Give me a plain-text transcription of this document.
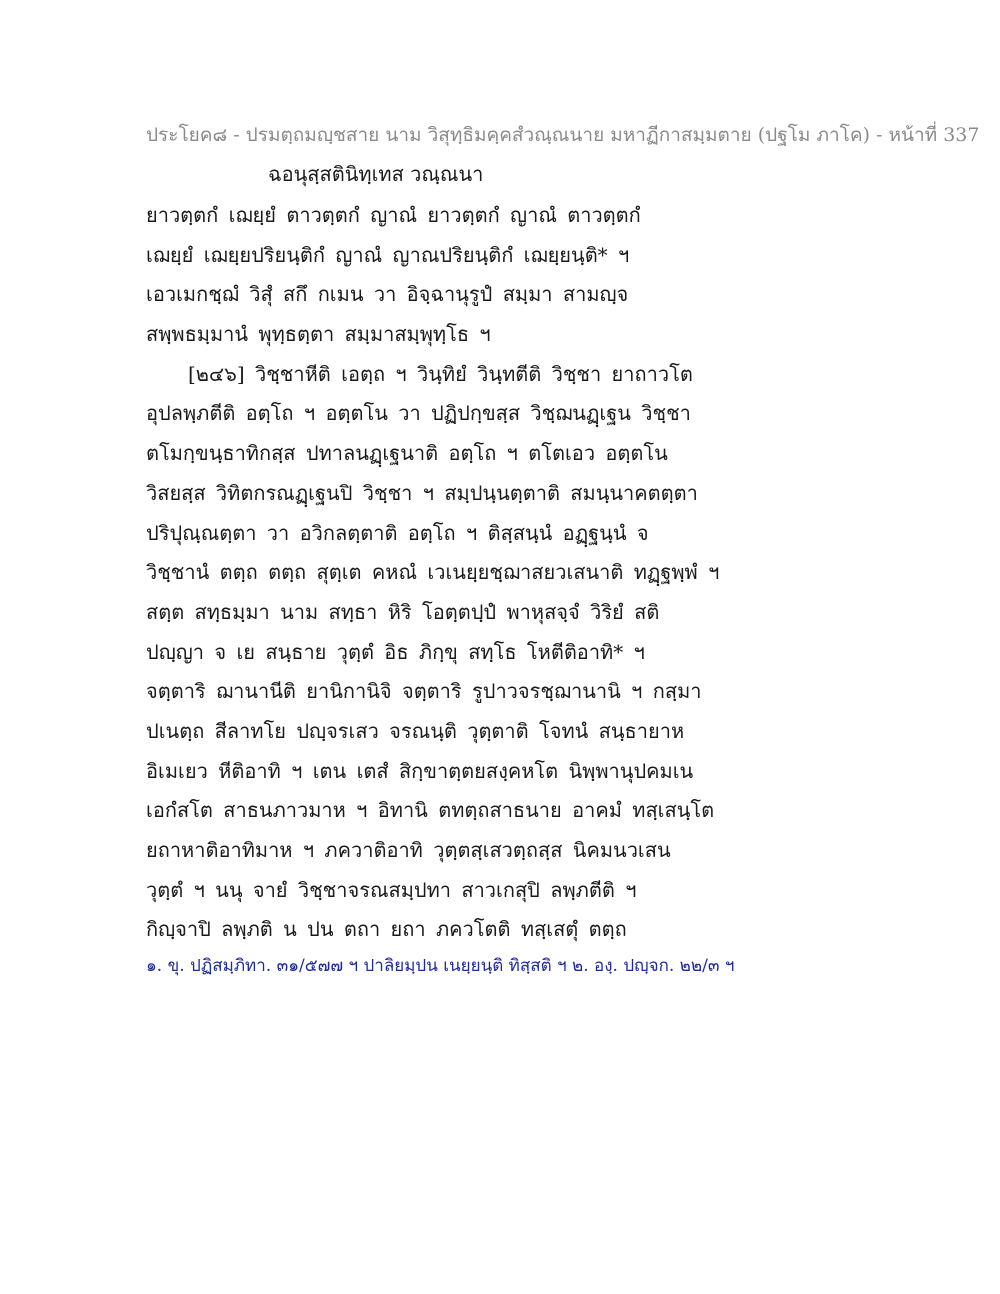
ประโยค๘ - ปรมตฺถมญฺชสาย นาม วิสุทฺธิมคฺคสํวณฺณนาย มหาฏีกาสมฺมตาย (ปฐโม ภาโค) - หน้าที่ 337
ฉอนุสฺสตินิทฺเทส วณฺณนา
ยาวตฺตกํ เฌยฺยํ ตาวตฺตกํ ญาณํ ยาวตฺตกํ ญาณํ ตาวตฺตกํ
เฌยฺยํ เฌยฺยปริยนฺติกํ ญาณํ ญาณปริยนฺติกํ เฌยฺยนฺติ* ฯ
เอวเมกชฺฌํ วิสุํ สกึ กเมน วา อิจฺฉานุรูปํ สมฺมา สามญฺจ
สพฺพธมฺมานํ พุทฺธตฺตา สมฺมาสมฺพุทฺโธ ฯ
[๒๔๖] วิชฺชาหีติ เอตฺถ ฯ วินฺทิยํ วินฺทตีติ วิชฺชา ยาถาวโต
อุปลพฺภตีติ อตฺโถ ฯ อตฺตโน วา ปฏิปกฺขสฺส วิชฺฌนฏฺเฐน วิชฺชา
ตโมกฺขนฺธาทิกสฺส ปทาลนฏฺเฐนาติ อตฺโถ ฯ ตโตเอว อตฺตโน
วิสยสฺส วิทิตกรณฏฺเฐนปิ วิชฺชา ฯ สมฺปนฺนตฺตาติ สมนฺนาคตตฺตา
ปริปุณฺณตฺตา วา อวิกลตฺตาติ อตฺโถ ฯ ติสฺสนฺนํ อฏฺฐนฺนํ จ
วิชฺชานํ ตตฺถ ตตฺถ สุตฺเต คหณํ เวเนยฺยชฺฌาสยวเสนาติ ทฏฺฐพฺพํ ฯ
สตฺต สทฺธมฺมา นาม สทฺธา หิริ โอตฺตปฺปํ พาหุสจฺจํ วิริยํ สติ
ปญฺญา จ เย สนฺธาย วุตฺตํ อิธ ภิกฺขุ สทฺโธ โหตีติอาทิ* ฯ
จตฺตาริ ฌานานีติ ยานิกานิจิ จตฺตาริ รูปาวจรชฺฌานานิ ฯ กสฺมา
ปเนตฺถ สีลาทโย ปญฺจรเสว จรณนฺติ วุตฺตาติ โจทนํ สนฺธายาห
อิเมเยว หีติอาทิ ฯ เตน เตสํ สิกฺขาตฺตยสงฺคหโต นิพฺพานุปคมเน
เอกํสโต สาธนภาวมาห ฯ อิทานิ ตทตฺถสาธนาย อาคมํ ทสฺเสนฺโต
ยถาหาติอาทิมาห ฯ ภควาติอาทิ วุตฺตสฺเสวตฺถสฺส นิคมนวเสน
วุตฺตํ ฯ นนุ จายํ วิชฺชาจรณสมฺปทา สาวเกสุปิ ลพฺภตีติ ฯ
กิญฺจาปิ ลพฺภติ น ปน ตถา ยถา ภควโตติ ทสฺเสตุํ ตตฺถ
๑. ขุ. ปฏิสมฺภิทา. ๓๑/๕๗๗ ฯ ปาลิยมฺปน เนยฺยนฺติ ทิสฺสติ ฯ ๒. องฺ. ปญฺจก. ๒๒/๓ ฯ
